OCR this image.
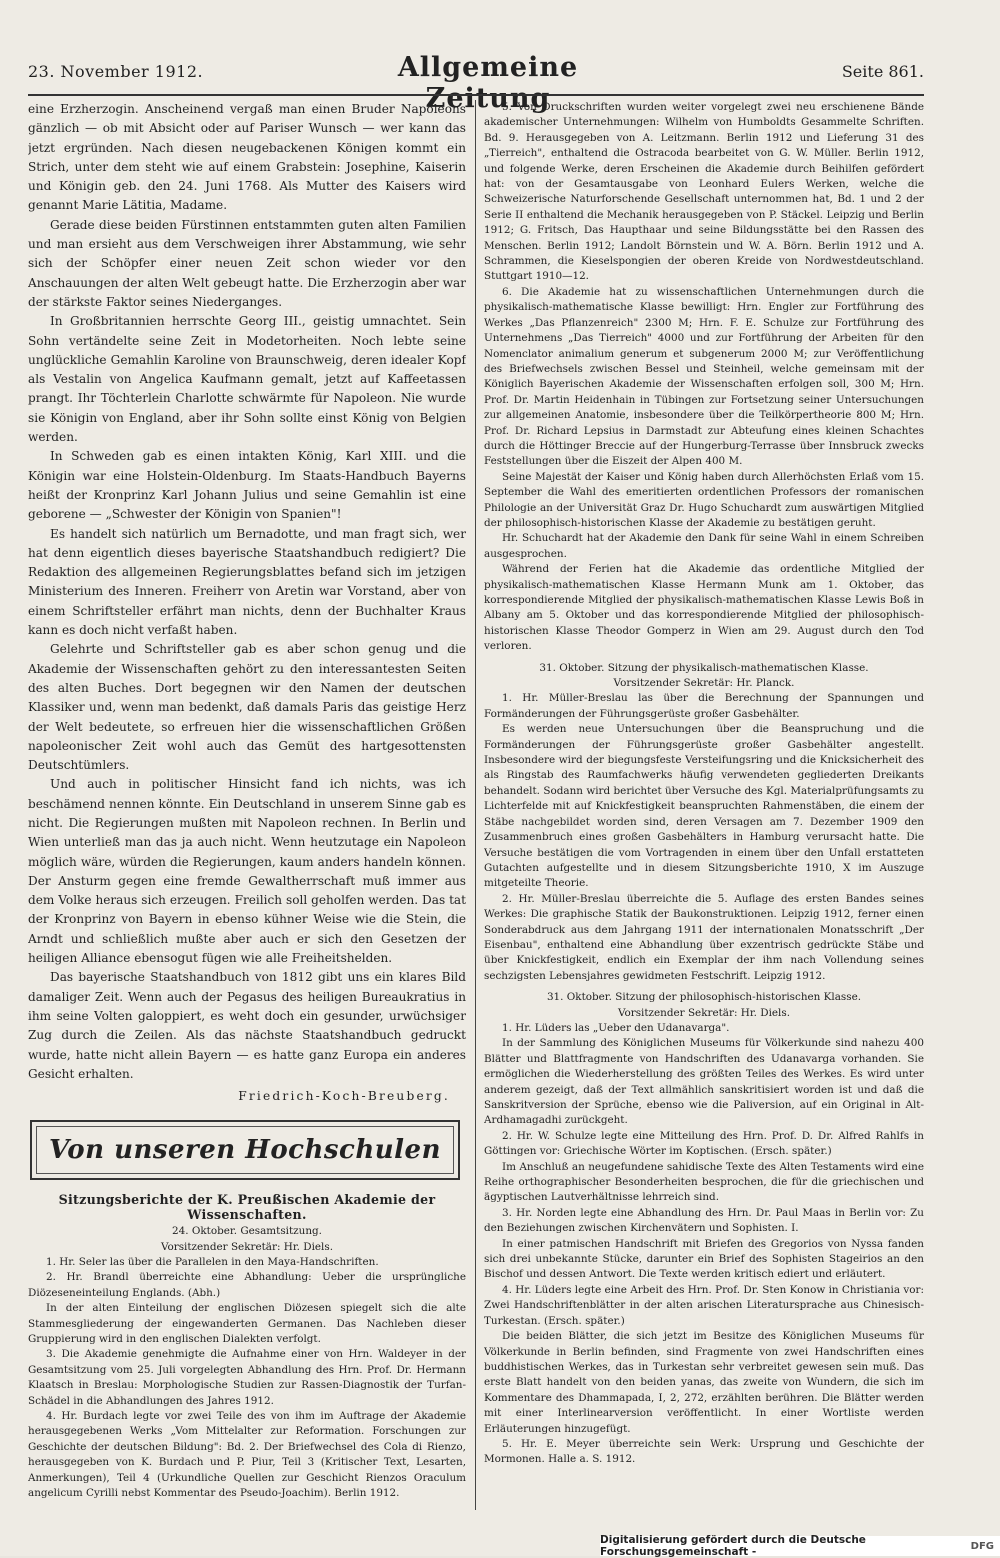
23. November 1912.	Allgemeine Zeitung
Seite 861.

eine Erzherzogin. Anscheinend vergaß man einen Bruder Napoleons gänzlich — ob mit Absicht oder auf Pariser Wunsch — wer kann das jetzt ergründen. Nach diesen neugebackenen Königen kommt ein Strich, unter dem steht wie auf einem Grabstein: Josephine, Kaiserin und Königin geb. den 24. Juni 1768. Als Mutter des Kaisers wird genannt Marie Lätitia, Madame.

Gerade diese beiden Fürstinnen entstammten guten alten Familien und man ersieht aus dem Verschweigen ihrer Abstammung, wie sehr sich der Schöpfer einer neuen Zeit schon wieder vor den Anschauungen der alten Welt gebeugt hatte. Die Erzherzogin aber war der stärkste Faktor seines Niederganges.

In Großbritannien herrschte Georg III., geistig umnachtet. Sein Sohn vertändelte seine Zeit in Modetorheiten. Noch lebte seine unglückliche Gemahlin Karoline von Braunschweig, deren idealer Kopf als Vestalin von Angelica Kaufmann gemalt, jetzt auf Kaffeetassen prangt. Ihr Töchterlein Charlotte schwärmte für Napoleon. Nie wurde sie Königin von England, aber ihr Sohn sollte einst König von Belgien werden.

In Schweden gab es einen intakten König, Karl XIII. und die Königin war eine Holstein-Oldenburg. Im Staats-Handbuch Bayerns heißt der Kronprinz Karl Johann Julius und seine Gemahlin ist eine geborene — „Schwester der Königin von Spanien"!

Es handelt sich natürlich um Bernadotte, und man fragt sich, wer hat denn eigentlich dieses bayerische Staatshandbuch redigiert? Die Redaktion des allgemeinen Regierungsblattes befand sich im jetzigen Ministerium des Inneren. Freiherr von Aretin war Vorstand, aber von einem Schriftsteller erfährt man nichts, denn der Buchhalter Kraus kann es doch nicht verfaßt haben.

Gelehrte und Schriftsteller gab es aber schon genug und die Akademie der Wissenschaften gehört zu den interessantesten Seiten des alten Buches. Dort begegnen wir den Namen der deutschen Klassiker und, wenn man bedenkt, daß damals Paris das geistige Herz der Welt bedeutete, so erfreuen hier die wissenschaftlichen Größen napoleonischer Zeit wohl auch das Gemüt des hartgesottensten Deutschtümlers.

Und auch in politischer Hinsicht fand ich nichts, was ich beschämend nennen könnte. Ein Deutschland in unserem Sinne gab es nicht. Die Regierungen mußten mit Napoleon rechnen. In Berlin und Wien unterließ man das ja auch nicht. Wenn heutzutage ein Napoleon möglich wäre, würden die Regierungen, kaum anders handeln können. Der Ansturm gegen eine fremde Gewaltherrschaft muß immer aus dem Volke heraus sich erzeugen. Freilich soll geholfen werden. Das tat der Kronprinz von Bayern in ebenso kühner Weise wie die Stein, die Arndt und schließlich mußte aber auch er sich den Gesetzen der heiligen Alliance ebensogut fügen wie alle Freiheitshelden.

Das bayerische Staatshandbuch von 1812 gibt uns ein klares Bild damaliger Zeit. Wenn auch der Pegasus des heiligen Bureaukratius in ihm seine Volten galoppiert, es weht doch ein gesunder, urwüchsiger Zug durch die Zeilen. Als das nächste Staatshandbuch gedruckt wurde, hatte nicht allein Bayern — es hatte ganz Europa ein anderes Gesicht erhalten.

Friedrich-Koch-Breuberg.

Von unseren Hochschulen
Sitzungsberichte der K. Preußischen Akademie der Wissenschaften.

24. Oktober. Gesamtsitzung.

Vorsitzender Sekretär: Hr. Diels.

1. Hr. Seler las über die Parallelen in den Maya-Handschriften.

2. Hr. Brandl überreichte eine Abhandlung: Ueber die ursprüngliche Diözeseneinteilung Englands. (Abh.)

In der alten Einteilung der englischen Diözesen spiegelt sich die alte Stammesgliederung der eingewanderten Germanen. Das Nachleben dieser Gruppierung wird in den englischen Dialekten verfolgt.

3. Die Akademie genehmigte die Aufnahme einer von Hrn. Waldeyer in der Gesamtsitzung vom 25. Juli vorgelegten Abhandlung des Hrn. Prof. Dr. Hermann Klaatsch in Breslau: Morphologische Studien zur Rassen-Diagnostik der Turfan-Schädel in die Abhandlungen des Jahres 1912.

4. Hr. Burdach legte vor zwei Teile des von ihm im Auftrage der Akademie herausgegebenen Werks „Vom Mittelalter zur Reformation. Forschungen zur Geschichte der deutschen Bildung": Bd. 2. Der Briefwechsel des Cola di Rienzo, herausgegeben von K. Burdach und P. Piur, Teil 3 (Kritischer Text, Lesarten, Anmerkungen), Teil 4 (Urkundliche Quellen zur Geschicht Rienzos Oraculum angelicum Cyrilli nebst Kommentar des Pseudo-Joachim). Berlin 1912.

5. Von Druckschriften wurden weiter vorgelegt zwei neu erschienene Bände akademischer Unternehmungen: Wilhelm von Humboldts Gesammelte Schriften. Bd. 9. Herausgegeben von A. Leitzmann. Berlin 1912 und Lieferung 31 des „Tierreich", enthaltend die Ostracoda bearbeitet von G. W. Müller. Berlin 1912, und folgende Werke, deren Erscheinen die Akademie durch Beihilfen gefördert hat: von der Gesamtausgabe von Leonhard Eulers Werken, welche die Schweizerische Naturforschende Gesellschaft unternommen hat, Bd. 1 und 2 der Serie II enthaltend die Mechanik herausgegeben von P. Stäckel. Leipzig und Berlin 1912; G. Fritsch, Das Haupthaar und seine Bildungsstätte bei den Rassen des Menschen. Berlin 1912; Landolt Börnstein und W. A. Börn. Berlin 1912 und A. Schrammen, die Kieselspongien der oberen Kreide von Nordwestdeutschland. Stuttgart 1910—12.

6. Die Akademie hat zu wissenschaftlichen Unternehmungen durch die physikalisch-mathematische Klasse bewilligt: Hrn. Engler zur Fortführung des Werkes „Das Pflanzenreich" 2300 M; Hrn. F. E. Schulze zur Fortführung des Unternehmens „Das Tierreich" 4000 und zur Fortführung der Arbeiten für den Nomenclator animalium generum et subgenerum 2000 M; zur Veröffentlichung des Briefwechsels zwischen Bessel und Steinheil, welche gemeinsam mit der Königlich Bayerischen Akademie der Wissenschaften erfolgen soll, 300 M; Hrn. Prof. Dr. Martin Heidenhain in Tübingen zur Fortsetzung seiner Untersuchungen zur allgemeinen Anatomie, insbesondere über die Teilkörpertheorie 800 M; Hrn. Prof. Dr. Richard Lepsius in Darmstadt zur Abteufung eines kleinen Schachtes durch die Höttinger Breccie auf der Hungerburg-Terrasse über Innsbruck zwecks Feststellungen über die Eiszeit der Alpen 400 M.

Seine Majestät der Kaiser und König haben durch Allerhöchsten Erlaß vom 15. September die Wahl des emeritierten ordentlichen Professors der romanischen Philologie an der Universität Graz Dr. Hugo Schuchardt zum auswärtigen Mitglied der philosophisch-historischen Klasse der Akademie zu bestätigen geruht.

Hr. Schuchardt hat der Akademie den Dank für seine Wahl in einem Schreiben ausgesprochen.

Während der Ferien hat die Akademie das ordentliche Mitglied der physikalisch-mathematischen Klasse Hermann Munk am 1. Oktober, das korrespondierende Mitglied der physikalisch-mathematischen Klasse Lewis Boß in Albany am 5. Oktober und das korrespondierende Mitglied der philosophisch-historischen Klasse Theodor Gomperz in Wien am 29. August durch den Tod verloren.

31. Oktober. Sitzung der physikalisch-mathematischen Klasse.

Vorsitzender Sekretär: Hr. Planck.

1. Hr. Müller-Breslau las über die Berechnung der Spannungen und Formänderungen der Führungsgerüste großer Gasbehälter.

Es werden neue Untersuchungen über die Beanspruchung und die Formänderungen der Führungsgerüste großer Gasbehälter angestellt. Insbesondere wird der biegungsfeste Versteifungsring und die Knicksicherheit des als Ringstab des Raumfachwerks häufig verwendeten gegliederten Dreikants behandelt. Sodann wird berichtet über Versuche des Kgl. Materialprüfungsamts zu Lichterfelde mit auf Knickfestigkeit beanspruchten Rahmenstäben, die einem der Stäbe nachgebildet worden sind, deren Versagen am 7. Dezember 1909 den Zusammenbruch eines großen Gasbehälters in Hamburg verursacht hatte. Die Versuche bestätigen die vom Vortragenden in einem über den Unfall erstatteten Gutachten aufgestellte und in diesem Sitzungsberichte 1910, X im Auszuge mitgeteilte Theorie.

2. Hr. Müller-Breslau überreichte die 5. Auflage des ersten Bandes seines Werkes: Die graphische Statik der Baukonstruktionen. Leipzig 1912, ferner einen Sonderabdruck aus dem Jahrgang 1911 der internationalen Monatsschrift „Der Eisenbau", enthaltend eine Abhandlung über exzentrisch gedrückte Stäbe und über Knickfestigkeit, endlich ein Exemplar der ihm nach Vollendung seines sechzigsten Lebensjahres gewidmeten Festschrift. Leipzig 1912.

31. Oktober. Sitzung der philosophisch-historischen Klasse.

Vorsitzender Sekretär: Hr. Diels.

1. Hr. Lüders las „Ueber den Udanavarga".

In der Sammlung des Königlichen Museums für Völkerkunde sind nahezu 400 Blätter und Blattfragmente von Handschriften des Udanavarga vorhanden. Sie ermöglichen die Wiederherstellung des größten Teiles des Werkes. Es wird unter anderem gezeigt, daß der Text allmählich sanskritisiert worden ist und daß die Sanskritversion der Sprüche, ebenso wie die Paliversion, auf ein Original in Alt-Ardhamagadhi zurückgeht.

2. Hr. W. Schulze legte eine Mitteilung des Hrn. Prof. D. Dr. Alfred Rahlfs in Göttingen vor: Griechische Wörter im Koptischen. (Ersch. später.)

Im Anschluß an neugefundene sahidische Texte des Alten Testaments wird eine Reihe orthographischer Besonderheiten besprochen, die für die griechischen und ägyptischen Lautverhältnisse lehrreich sind.

3. Hr. Norden legte eine Abhandlung des Hrn. Dr. Paul Maas in Berlin vor: Zu den Beziehungen zwischen Kirchenvätern und Sophisten. I.

In einer patmischen Handschrift mit Briefen des Gregorios von Nyssa fanden sich drei unbekannte Stücke, darunter ein Brief des Sophisten Stageirios an den Bischof und dessen Antwort. Die Texte werden kritisch ediert und erläutert.

4. Hr. Lüders legte eine Arbeit des Hrn. Prof. Dr. Sten Konow in Christiania vor: Zwei Handschriftenblätter in der alten arischen Literatursprache aus Chinesisch-Turkestan. (Ersch. später.)

Die beiden Blätter, die sich jetzt im Besitze des Königlichen Museums für Völkerkunde in Berlin befinden, sind Fragmente von zwei Handschriften eines buddhistischen Werkes, das in Turkestan sehr verbreitet gewesen sein muß. Das erste Blatt handelt von den beiden yanas, das zweite von Wundern, die sich im Kommentare des Dhammapada, I, 2, 272, erzählten berühren. Die Blätter werden mit einer Interlinearversion veröffentlicht. In einer Wortliste werden Erläuterungen hinzugefügt.

5. Hr. E. Meyer überreichte sein Werk: Ursprung und Geschichte der Mormonen. Halle a. S. 1912.

Digitalisierung gefördert durch die Deutsche Forschungsgemeinschaft -	DFG
